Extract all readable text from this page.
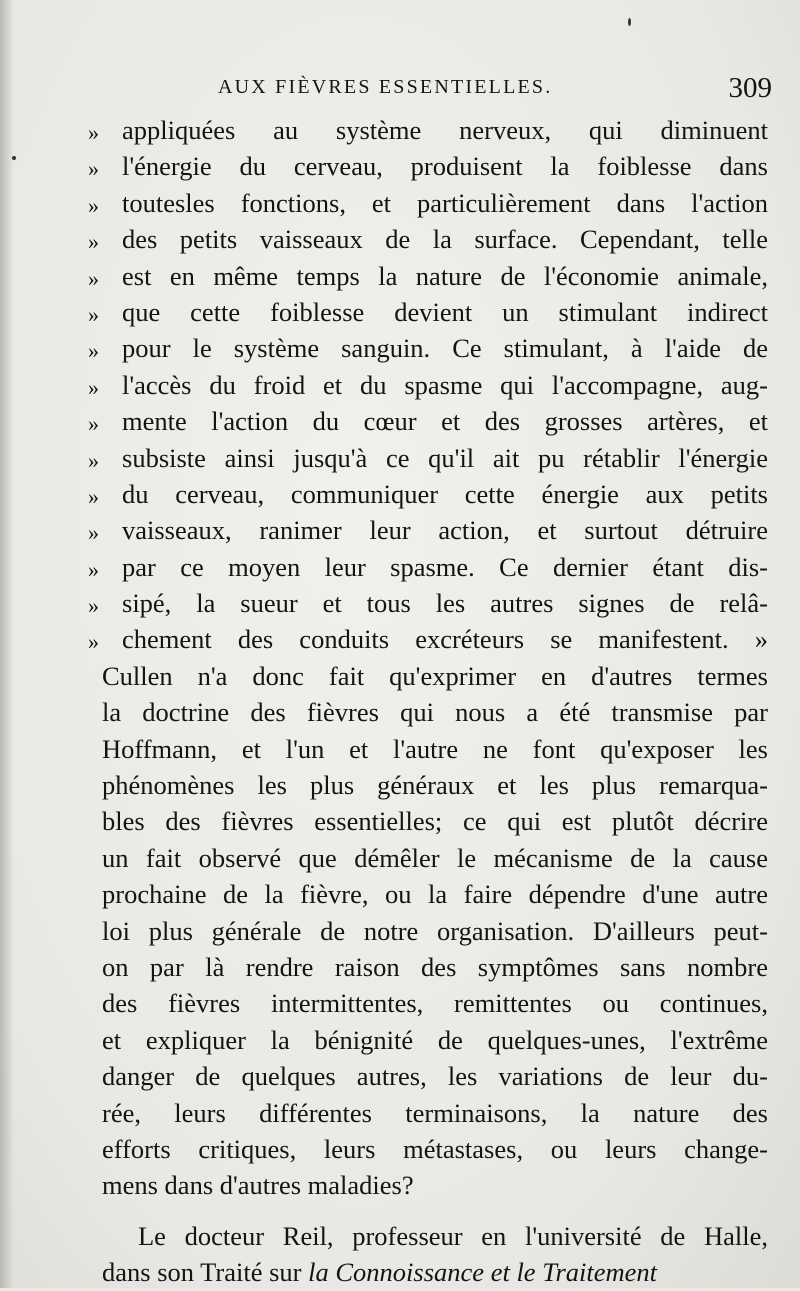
AUX FIÈVRES ESSENTIELLES.	309
» appliquées au système nerveux, qui diminuent
» l'énergie du cerveau, produisent la foiblesse dans
» toutesles fonctions, et particulièrement dans l'action
» des petits vaisseaux de la surface. Cependant, telle
» est en même temps la nature de l'économie animale,
» que cette foiblesse devient un stimulant indirect
» pour le système sanguin. Ce stimulant, à l'aide de
» l'accès du froid et du spasme qui l'accompagne, aug-
» mente l'action du cœur et des grosses artères, et
» subsiste ainsi jusqu'à ce qu'il ait pu rétablir l'énergie
» du cerveau, communiquer cette énergie aux petits
» vaisseaux, ranimer leur action, et surtout détruire
» par ce moyen leur spasme. Ce dernier étant dis-
» sipé, la sueur et tous les autres signes de relâ-
» chement des conduits excréteurs se manifestent. »
Cullen n'a donc fait qu'exprimer en d'autres termes
la doctrine des fièvres qui nous a été transmise par
Hoffmann, et l'un et l'autre ne font qu'exposer les
phénomènes les plus généraux et les plus remarqua-
bles des fièvres essentielles; ce qui est plutôt décrire
un fait observé que démêler le mécanisme de la cause
prochaine de la fièvre, ou la faire dépendre d'une autre
loi plus générale de notre organisation. D'ailleurs peut-
on par là rendre raison des symptômes sans nombre
des fièvres intermittentes, remittentes ou continues,
et expliquer la bénignité de quelques-unes, l'extrême
danger de quelques autres, les variations de leur du-
rée, leurs différentes terminaisons, la nature des
efforts critiques, leurs métastases, ou leurs change-
mens dans d'autres maladies?
Le docteur Reil, professeur en l'université de Halle,
dans son Traité sur la Connoissance et le Traitement
